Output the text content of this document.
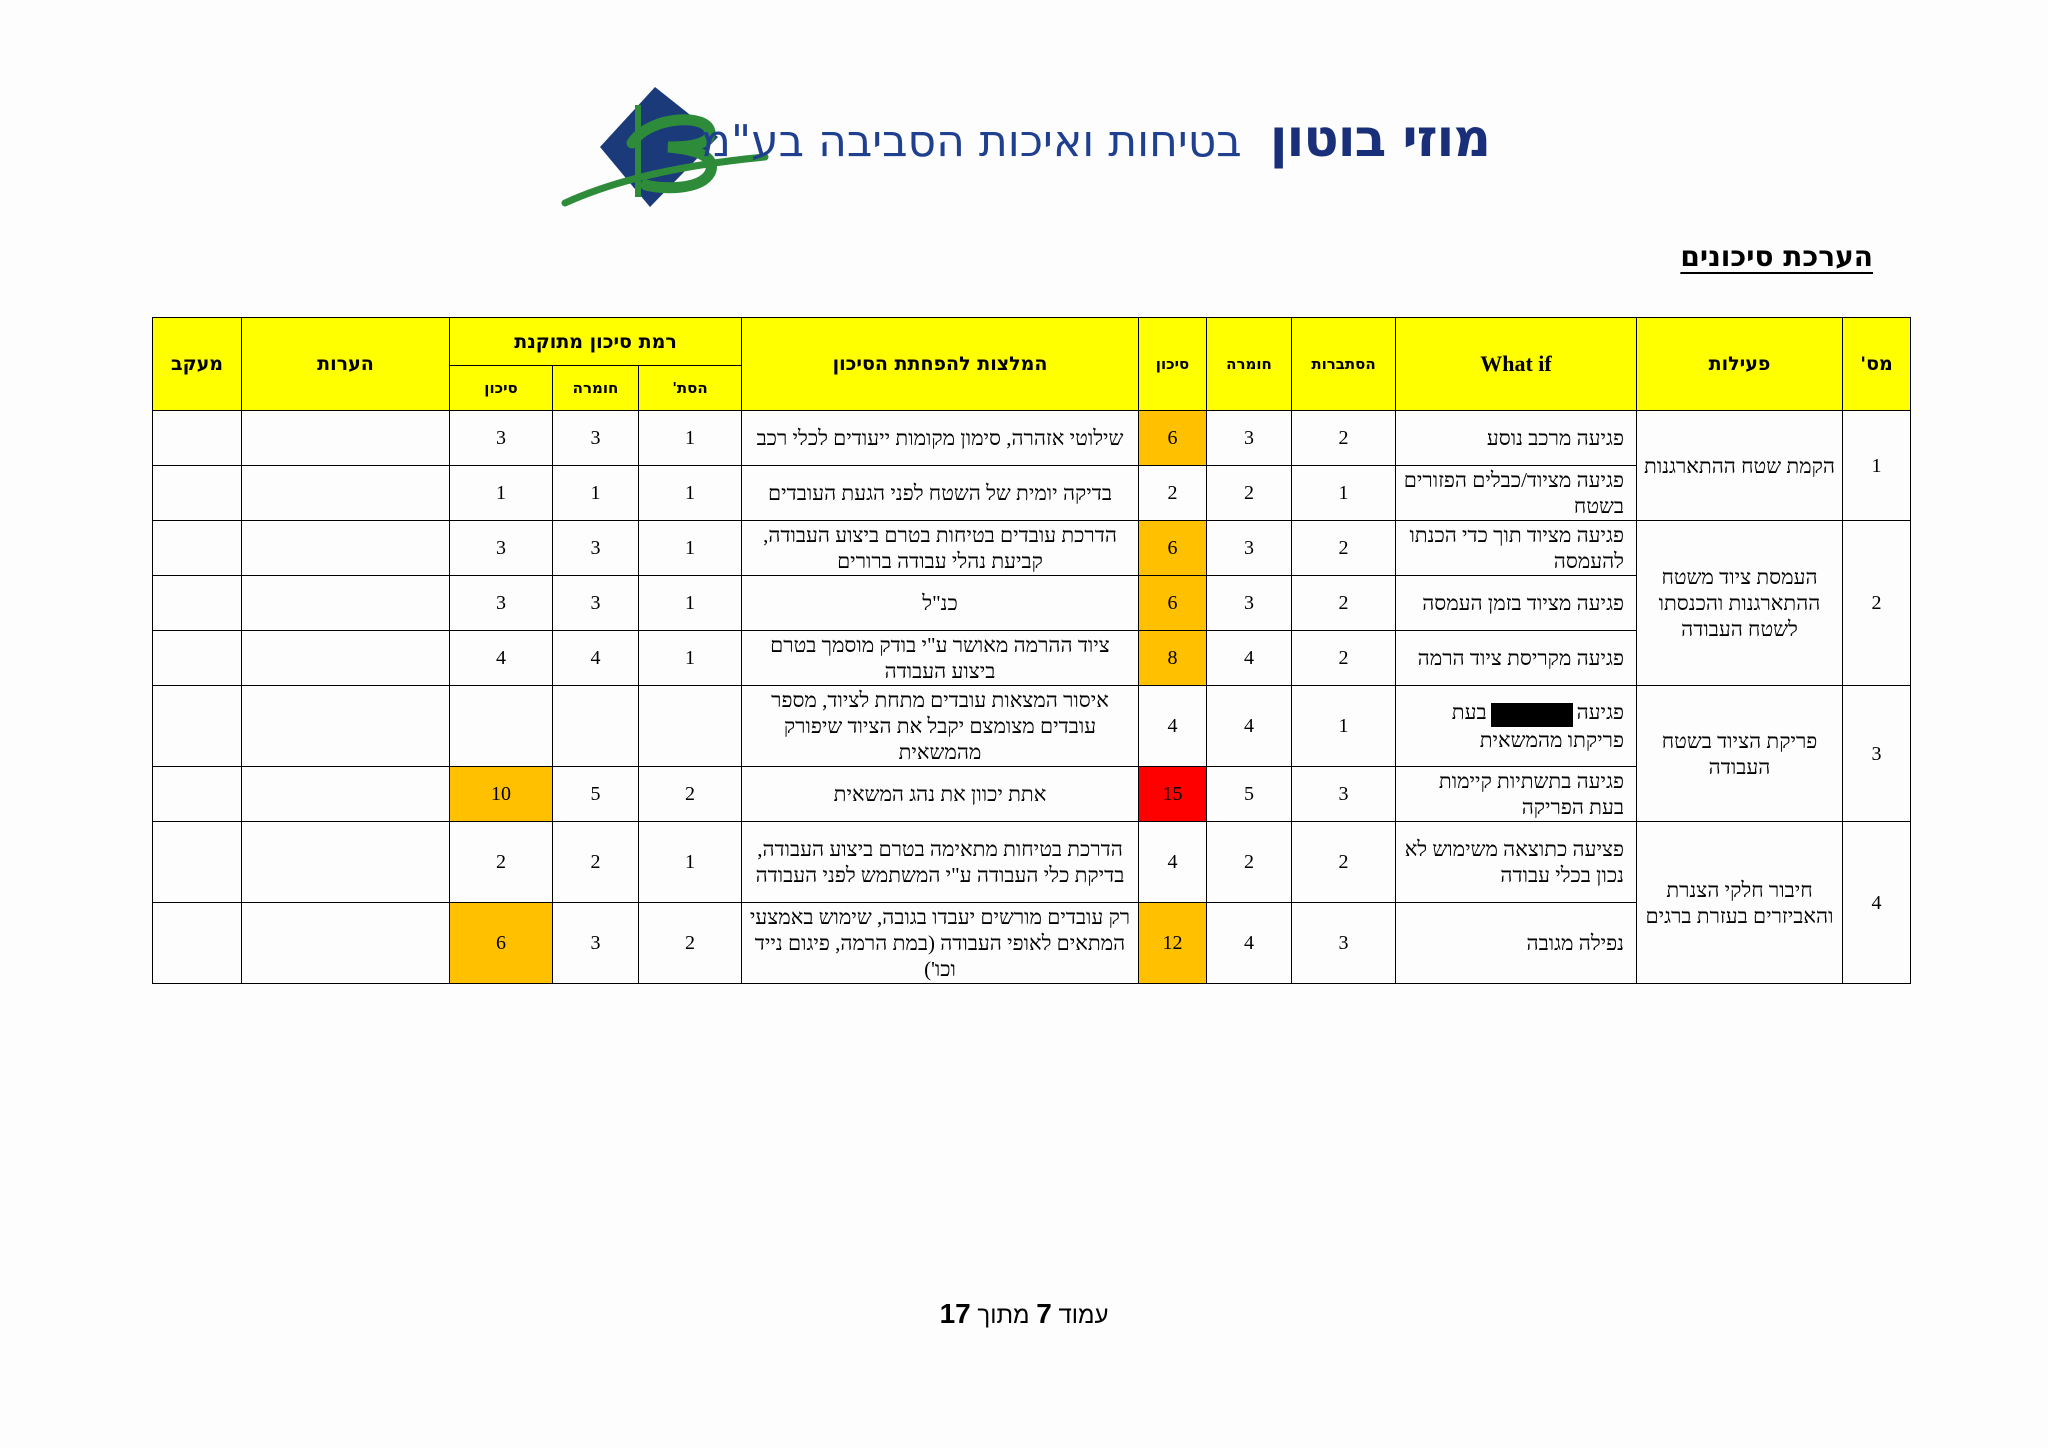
מוזי בוטוןבטיחות ואיכות הסביבה בע"מ
הערכת סיכונים
מס'	פעילות	What if	הסתברות	חומרה	סיכון	המלצות להפחתת הסיכון	רמת סיכון מתוקנת			הערות	מעקב
							הסת'	חומרה	סיכון		
1	הקמת שטח ההתארגנות	פגיעה מרכב נוסע	2	3	6	שילוטי אזהרה, סימון מקומות ייעודים לכלי רכב	1	3	3		
		פגיעה מציוד/כבלים הפזורים בשטח	1	2	2	בדיקה יומית של השטח לפני הגעת העובדים	1	1	1		
2	העמסת ציוד משטח ההתארגנות והכנסתו לשטח העבודה	פגיעה מציוד תוך כדי הכנתו להעמסה	2	3	6	הדרכת עובדים בטיחות בטרם ביצוע העבודה, קביעת נהלי עבודה ברורים	1	3	3		
		פגיעה מציוד בזמן העמסה	2	3	6	כנ"ל	1	3	3		
		פגיעה מקריסת ציוד הרמה	2	4	8	ציוד ההרמה מאושר ע"י בודק מוסמך בטרם ביצוע העבודה	1	4	4		
3	פריקת הציוד בשטח העבודה	פגיעהבעת פריקתו מהמשאית	1	4	4	איסור המצאות עובדים מתחת לציוד, מספר עובדים מצומצם יקבל את הציוד שיפורק מהמשאית					
		פגיעה בתשתיות קיימות בעת הפריקה	3	5	15	אתת יכוון את נהג המשאית	2	5	10		
4	חיבור חלקי הצנרת והאביזרים בעזרת ברגים	פציעה כתוצאה משימוש לא נכון בכלי עבודה	2	2	4	הדרכת בטיחות מתאימה בטרם ביצוע העבודה, בדיקת כלי העבודה ע"י המשתמש לפני העבודה	1	2	2		
		נפילה מגובה	3	4	12	רק עובדים מורשים יעבדו בגובה, שימוש באמצעי המתאים לאופי העבודה (במת הרמה, פיגום נייד וכו')	2	3	6		
עמוד 7 מתוך 17
